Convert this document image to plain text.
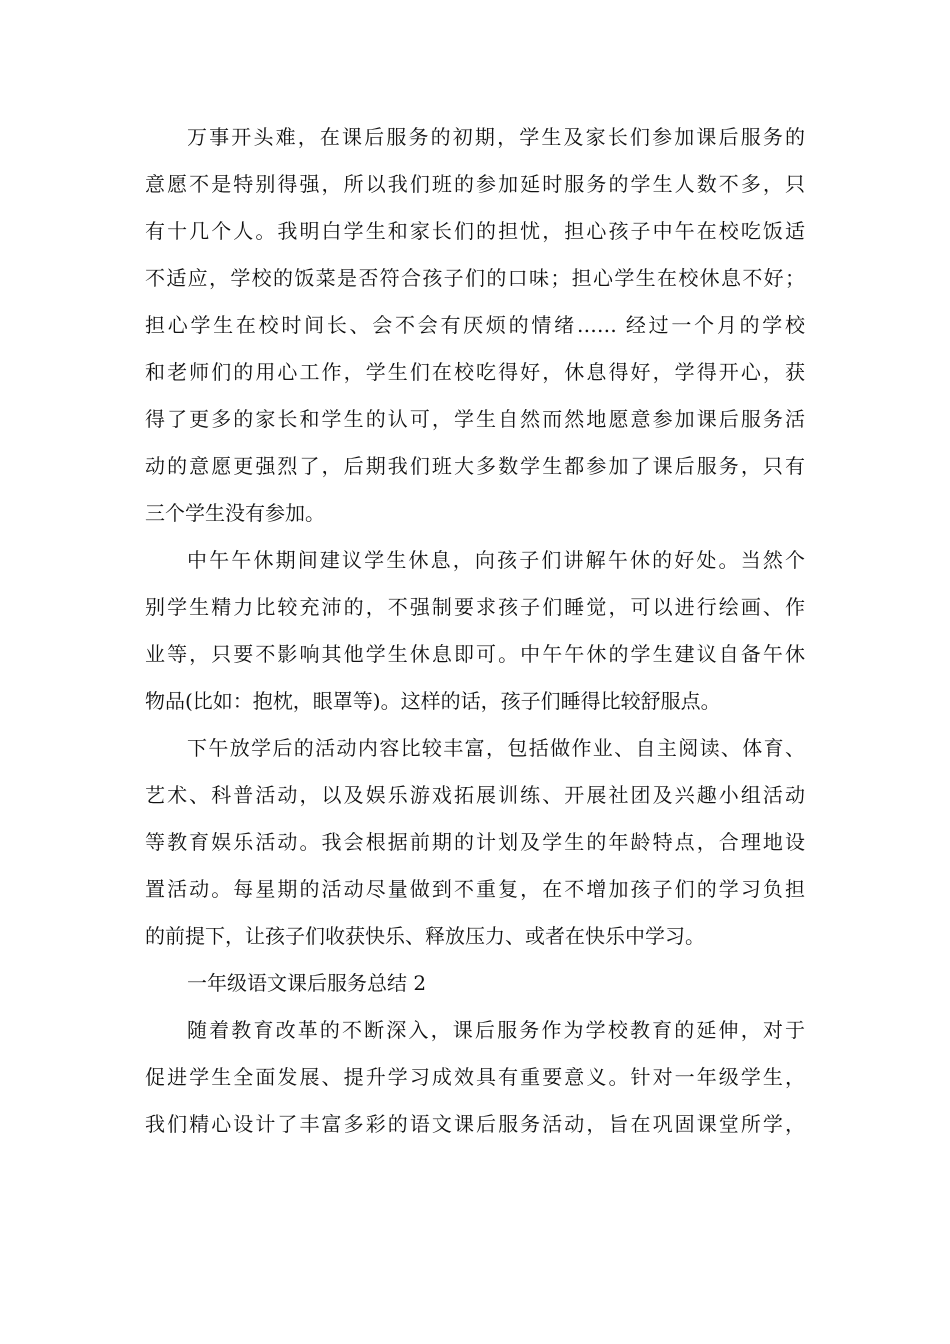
万事开头难，在课后服务的初期，学生及家长们参加课后服务的
意愿不是特别得强，所以我们班的参加延时服务的学生人数不多，只
有十几个人。我明白学生和家长们的担忧，担心孩子中午在校吃饭适
不适应，学校的饭菜是否符合孩子们的口味；担心学生在校休息不好；
担心学生在校时间长、会不会有厌烦的情绪…… 经过一个月的学校
和老师们的用心工作，学生们在校吃得好，休息得好，学得开心，获
得了更多的家长和学生的认可，学生自然而然地愿意参加课后服务活
动的意愿更强烈了，后期我们班大多数学生都参加了课后服务，只有
三个学生没有参加。
中午午休期间建议学生休息，向孩子们讲解午休的好处。当然个
别学生精力比较充沛的，不强制要求孩子们睡觉，可以进行绘画、作
业等，只要不影响其他学生休息即可。中午午休的学生建议自备午休
物品(比如：抱枕，眼罩等)。这样的话，孩子们睡得比较舒服点。
下午放学后的活动内容比较丰富，包括做作业、自主阅读、体育、
艺术、科普活动，以及娱乐游戏拓展训练、开展社团及兴趣小组活动
等教育娱乐活动。我会根据前期的计划及学生的年龄特点，合理地设
置活动。每星期的活动尽量做到不重复，在不增加孩子们的学习负担
的前提下，让孩子们收获快乐、释放压力、或者在快乐中学习。
一年级语文课后服务总结 2
随着教育改革的不断深入，课后服务作为学校教育的延伸，对于
促进学生全面发展、提升学习成效具有重要意义。针对一年级学生，
我们精心设计了丰富多彩的语文课后服务活动，旨在巩固课堂所学，
